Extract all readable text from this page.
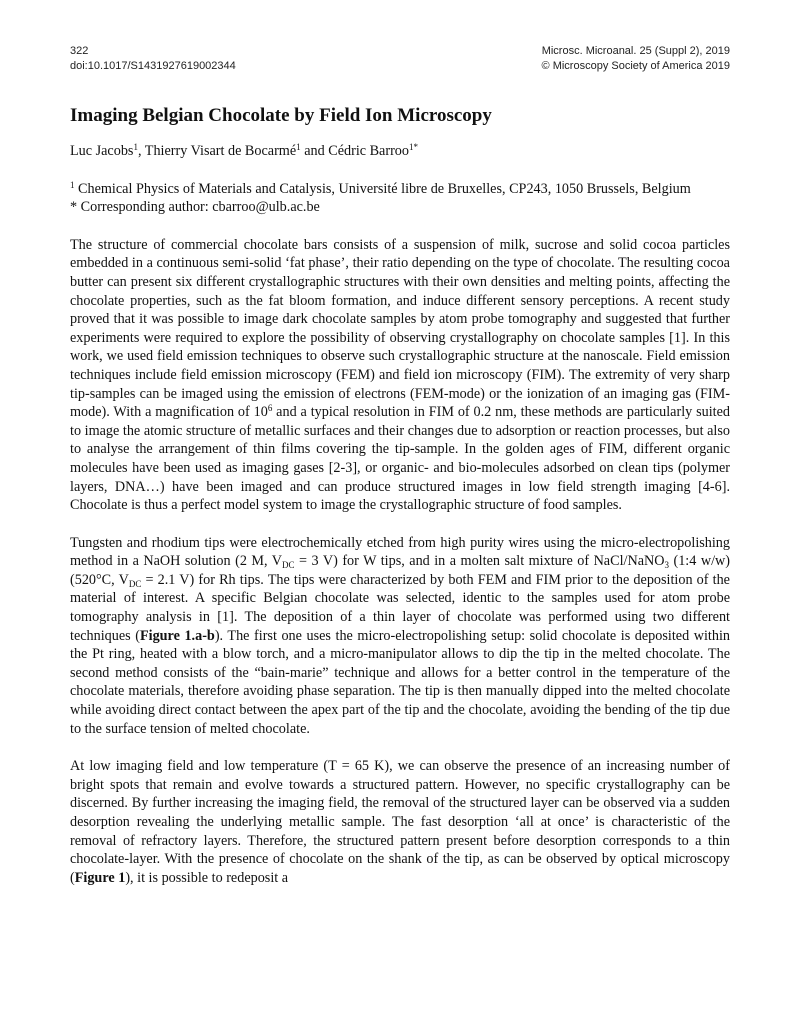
322
doi:10.1017/S1431927619002344
Microsc. Microanal. 25 (Suppl 2), 2019
© Microscopy Society of America 2019
Imaging Belgian Chocolate by Field Ion Microscopy
Luc Jacobs$^1$, Thierry Visart de Bocarmé$^1$ and Cédric Barroo$^{1*}$
$^1$ Chemical Physics of Materials and Catalysis, Université libre de Bruxelles, CP243, 1050 Brussels, Belgium
* Corresponding author: cbarroo@ulb.ac.be

The structure of commercial chocolate bars consists of a suspension of milk, sucrose and solid cocoa particles embedded in a continuous semi-solid ‘fat phase’, their ratio depending on the type of chocolate. The resulting cocoa butter can present six different crystallographic structures with their own densities and melting points, affecting the chocolate properties, such as the fat bloom formation, and induce different sensory perceptions. A recent study proved that it was possible to image dark chocolate samples by atom probe tomography and suggested that further experiments were required to explore the possibility of observing crystallography on chocolate samples [1]. In this work, we used field emission techniques to observe such crystallographic structure at the nanoscale. Field emission techniques include field emission microscopy (FEM) and field ion microscopy (FIM). The extremity of very sharp tip-samples can be imaged using the emission of electrons (FEM-mode) or the ionization of an imaging gas (FIM-mode). With a magnification of $10^6$ and a typical resolution in FIM of 0.2 nm, these methods are particularly suited to image the atomic structure of metallic surfaces and their changes due to adsorption or reaction processes, but also to analyse the arrangement of thin films covering the tip-sample. In the golden ages of FIM, different organic molecules have been used as imaging gases [2-3], or organic- and bio-molecules adsorbed on clean tips (polymer layers, DNA…) have been imaged and can produce structured images in low field strength imaging [4-6]. Chocolate is thus a perfect model system to image the crystallographic structure of food samples.

Tungsten and rhodium tips were electrochemically etched from high purity wires using the micro-electropolishing method in a NaOH solution (2 M, $V_{DC} = 3$ V) for W tips, and in a molten salt mixture of NaCl/NaNO$_3$ (1:4 w/w) (520°C, $V_{DC} = 2.1$ V) for Rh tips. The tips were characterized by both FEM and FIM prior to the deposition of the material of interest. A specific Belgian chocolate was selected, identic to the samples used for atom probe tomography analysis in [1]. The deposition of a thin layer of chocolate was performed using two different techniques (Figure 1.a-b). The first one uses the micro-electropolishing setup: solid chocolate is deposited within the Pt ring, heated with a blow torch, and a micro-manipulator allows to dip the tip in the melted chocolate. The second method consists of the “bain-marie” technique and allows for a better control in the temperature of the chocolate materials, therefore avoiding phase separation. The tip is then manually dipped into the melted chocolate while avoiding direct contact between the apex part of the tip and the chocolate, avoiding the bending of the tip due to the surface tension of melted chocolate.

At low imaging field and low temperature (T = 65 K), we can observe the presence of an increasing number of bright spots that remain and evolve towards a structured pattern. However, no specific crystallography can be discerned. By further increasing the imaging field, the removal of the structured layer can be observed via a sudden desorption revealing the underlying metallic sample. The fast desorption ‘all at once’ is characteristic of the removal of refractory layers. Therefore, the structured pattern present before desorption corresponds to a thin chocolate-layer. With the presence of chocolate on the shank of the tip, as can be observed by optical microscopy (Figure 1), it is possible to redeposit a
